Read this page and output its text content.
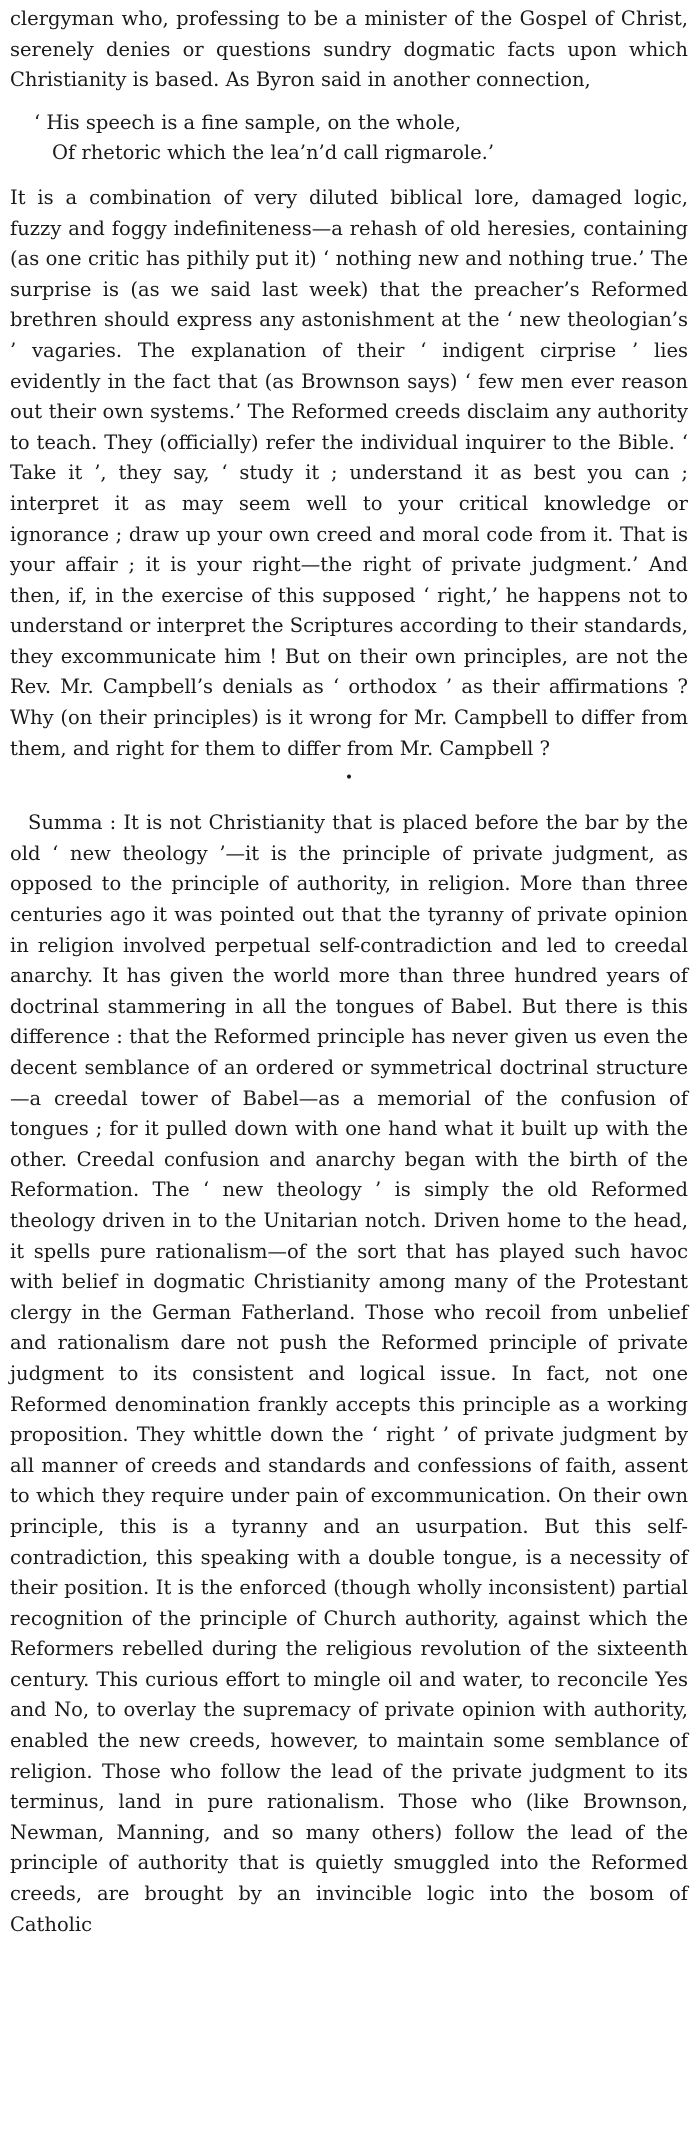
clergyman who, professing to be a minister of the Gospel of Christ, serenely denies or questions sundry dogmatic facts upon which Christianity is based. As Byron said in another connection,

‘ His speech is a fine sample, on the whole,
Of rhetoric which the lea’n’d call rigmarole.’

It is a combination of very diluted biblical lore, damaged logic, fuzzy and foggy indefiniteness—a rehash of old heresies, containing (as one critic has pithily put it) ‘ nothing new and nothing true.’ The surprise is (as we said last week) that the preacher’s Reformed brethren should express any astonishment at the ‘ new theologian’s ’ vagaries. The explanation of their ‘ indigent cirprise ’ lies evidently in the fact that (as Brownson says) ‘ few men ever reason out their own systems.’ The Reformed creeds disclaim any authority to teach. They (officially) refer the individual inquirer to the Bible. ‘ Take it ’, they say, ‘ study it ; understand it as best you can ; interpret it as may seem well to your critical knowledge or ignorance ; draw up your own creed and moral code from it. That is your affair ; it is your right—the right of private judgment.’ And then, if, in the exercise of this supposed ‘ right,’ he happens not to understand or interpret the Scriptures according to their standards, they excommunicate him ! But on their own principles, are not the Rev. Mr. Campbell’s denials as ‘ orthodox ’ as their affirmations ? Why (on their principles) is it wrong for Mr. Campbell to differ from them, and right for them to differ from Mr. Campbell ?

•

Summa : It is not Christianity that is placed before the bar by the old ‘ new theology ’—it is the principle of private judgment, as opposed to the principle of authority, in religion. More than three centuries ago it was pointed out that the tyranny of private opinion in religion involved perpetual self-contradiction and led to creedal anarchy. It has given the world more than three hundred years of doctrinal stammering in all the tongues of Babel. But there is this difference : that the Reformed principle has never given us even the decent semblance of an ordered or symmetrical doctrinal structure—a creedal tower of Babel—as a memorial of the confusion of tongues ; for it pulled down with one hand what it built up with the other. Creedal confusion and anarchy began with the birth of the Reformation. The ‘ new theology ’ is simply the old Reformed theology driven in to the Unitarian notch. Driven home to the head, it spells pure rationalism—of the sort that has played such havoc with belief in dogmatic Christianity among many of the Protestant clergy in the German Fatherland. Those who recoil from unbelief and rationalism dare not push the Reformed principle of private judgment to its consistent and logical issue. In fact, not one Reformed denomination frankly accepts this principle as a working proposition. They whittle down the ‘ right ’ of private judgment by all manner of creeds and standards and confessions of faith, assent to which they require under pain of excommunication. On their own principle, this is a tyranny and an usurpation. But this self-contradiction, this speaking with a double tongue, is a necessity of their position. It is the enforced (though wholly inconsistent) partial recognition of the principle of Church authority, against which the Reformers rebelled during the religious revolution of the sixteenth century. This curious effort to mingle oil and water, to reconcile Yes and No, to overlay the supremacy of private opinion with authority, enabled the new creeds, however, to maintain some semblance of religion. Those who follow the lead of the private judgment to its terminus, land in pure rationalism. Those who (like Brownson, Newman, Manning, and so many others) follow the lead of the principle of authority that is quietly smuggled into the Reformed creeds, are brought by an invincible logic into the bosom of Catholic
